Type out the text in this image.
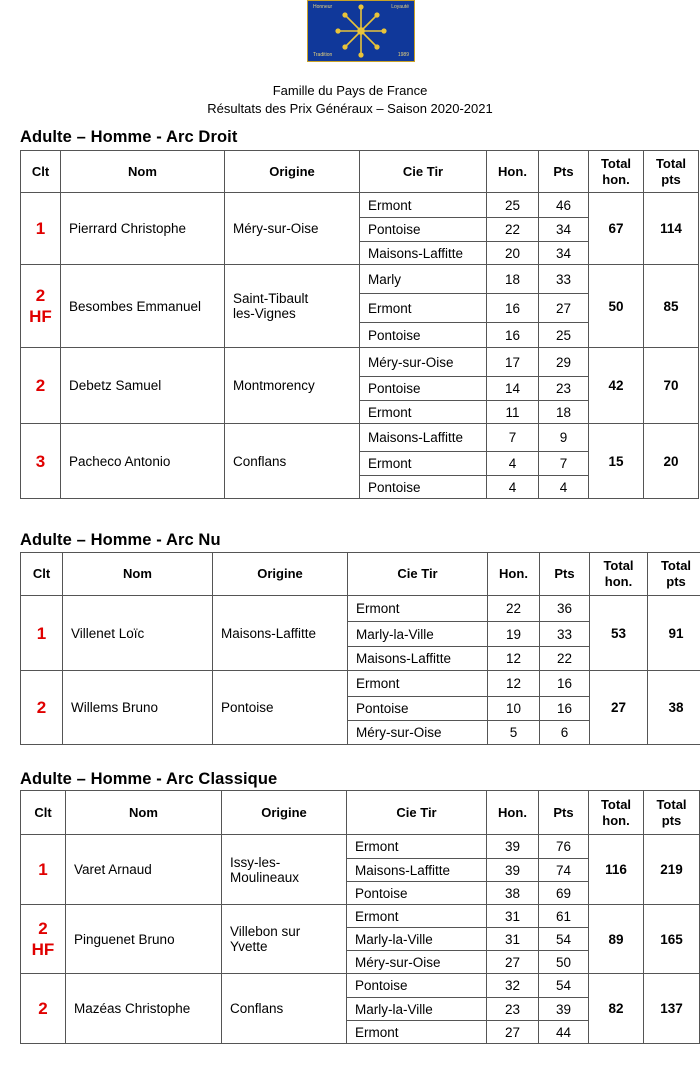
Honneur	Loyauté
Tradition	1989
Famille du Pays de France
Résultats des Prix Généraux – Saison 2020-2021
Adulte – Homme - Arc Droit
Clt	Nom	Origine	Cie Tir	Hon.	Pts	Total
hon.	Total
pts

1	Pierrard Christophe	Méry-sur-Oise	Ermont	25	46	67	114
			Pontoise	22	34		
			Maisons-Laffitte	20	34		

2
HF	Besombes Emmanuel	Saint-Tibault
les-Vignes	Marly	18	33	50	85
			Ermont	16	27		
			Pontoise	16	25		

2	Debetz Samuel	Montmorency	Méry-sur-Oise	17	29	42	70
			Pontoise	14	23		
			Ermont	11	18		

3	Pacheco Antonio	Conflans	Maisons-Laffitte	7	9	15	20
			Ermont	4	7		
			Pontoise	4	4		
Adulte – Homme - Arc Nu
Clt	Nom	Origine	Cie Tir	Hon.	Pts	Total
hon.	Total
pts

1	Villenet Loïc	Maisons-Laffitte	Ermont	22	36	53	91
			Marly-la-Ville	19	33		
			Maisons-Laffitte	12	22		

2	Willems Bruno	Pontoise	Ermont	12	16	27	38
			Pontoise	10	16		
			Méry-sur-Oise	5	6		
Adulte – Homme - Arc Classique
Clt	Nom	Origine	Cie Tir	Hon.	Pts	Total
hon.	Total
pts

1	Varet Arnaud	Issy-les-
Moulineaux	Ermont	39	76	116	219
			Maisons-Laffitte	39	74		
			Pontoise	38	69		

2
HF	Pinguenet Bruno	Villebon sur
Yvette	Ermont	31	61	89	165
			Marly-la-Ville	31	54		
			Méry-sur-Oise	27	50		

2	Mazéas Christophe	Conflans	Pontoise	32	54	82	137
			Marly-la-Ville	23	39		
			Ermont	27	44		
